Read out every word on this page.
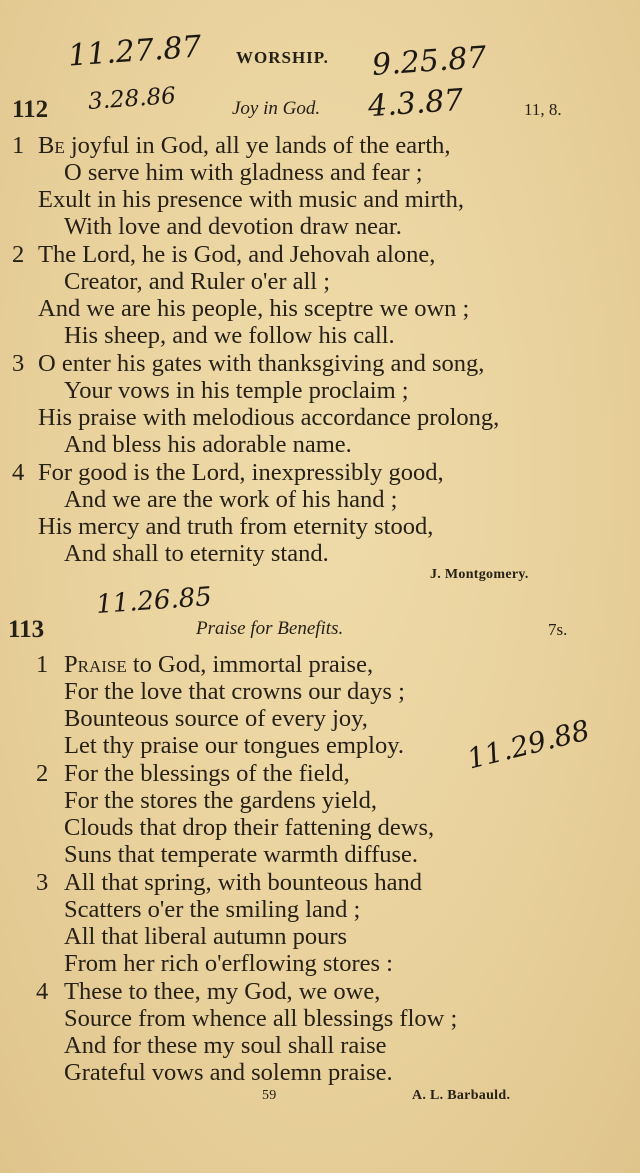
WORSHIP.
11.27.87	9.25.87
3.28.86	4.3.87
11.26.85
11.29.88
112	Joy in God.	11, 8.
1
2
3
4
Be joyful in God, all ye lands of the earth,
O serve him with gladness and fear ;
Exult in his presence with music and mirth,
With love and devotion draw near.
The Lord, he is God, and Jehovah alone,
Creator, and Ruler o'er all ;
And we are his people, his sceptre we own ;
His sheep, and we follow his call.
O enter his gates with thanksgiving and song,
Your vows in his temple proclaim ;
His praise with melodious accordance prolong,
And bless his adorable name.
For good is the Lord, inexpressibly good,
And we are the work of his hand ;
His mercy and truth from eternity stood,
And shall to eternity stand.
J. Montgomery.
113	Praise for Benefits.	7s.
1
2
3
4
Praise to God, immortal praise,
For the love that crowns our days ;
Bounteous source of every joy,
Let thy praise our tongues employ.
For the blessings of the field,
For the stores the gardens yield,
Clouds that drop their fattening dews,
Suns that temperate warmth diffuse.
All that spring, with bounteous hand
Scatters o'er the smiling land ;
All that liberal autumn pours
From her rich o'erflowing stores :
These to thee, my God, we owe,
Source from whence all blessings flow ;
And for these my soul shall raise
Grateful vows and solemn praise.
59	A. L. Barbauld.
